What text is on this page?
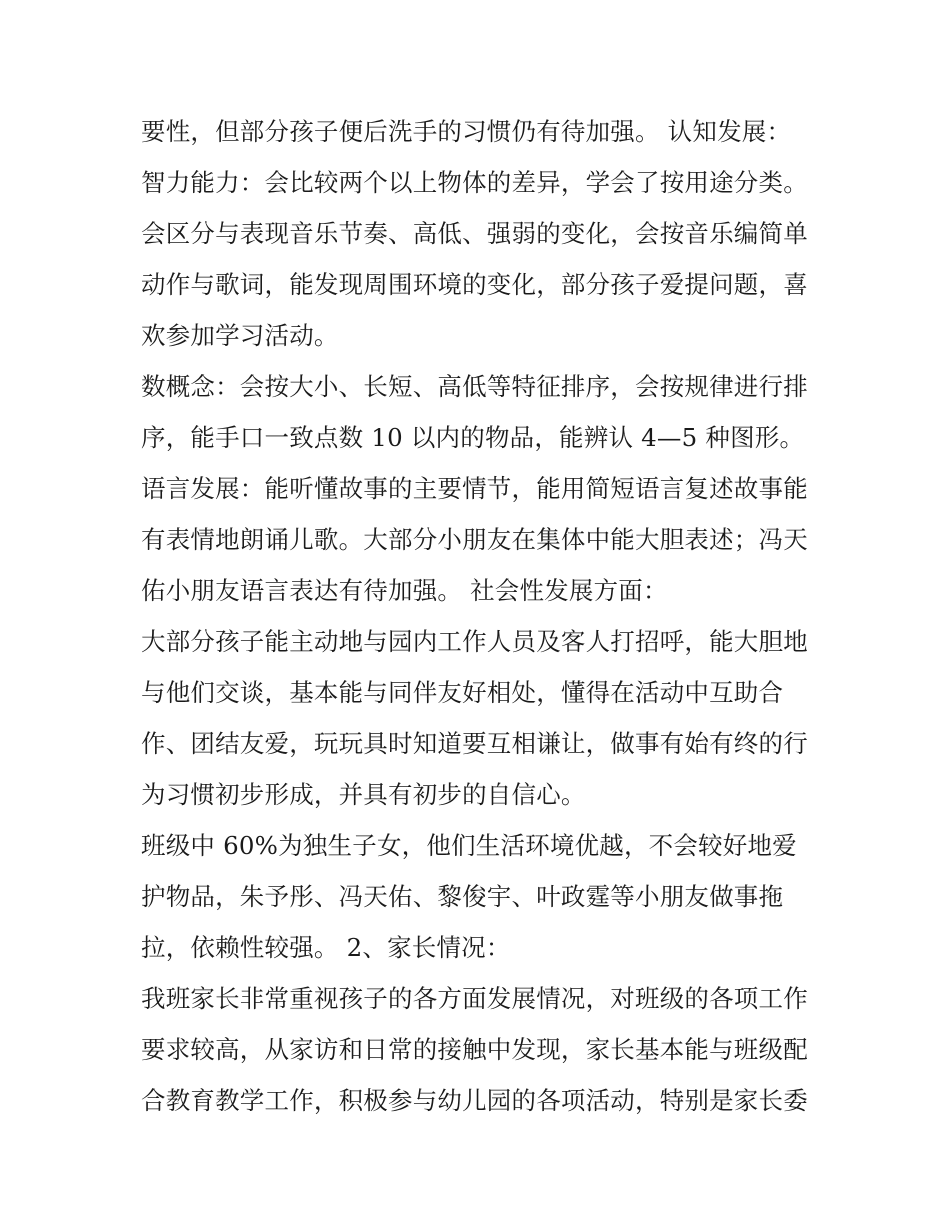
要性，但部分孩子便后洗手的习惯仍有待加强。 认知发展：
智力能力：会比较两个以上物体的差异，学会了按用途分类。
会区分与表现音乐节奏、高低、强弱的变化，会按音乐编简单
动作与歌词，能发现周围环境的变化，部分孩子爱提问题，喜
欢参加学习活动。
数概念：会按大小、长短、高低等特征排序，会按规律进行排
序，能手口一致点数 10 以内的物品，能辨认 4—5 种图形。
语言发展：能听懂故事的主要情节，能用简短语言复述故事能
有表情地朗诵儿歌。大部分小朋友在集体中能大胆表述；冯天
佑小朋友语言表达有待加强。 社会性发展方面：
大部分孩子能主动地与园内工作人员及客人打招呼，能大胆地
与他们交谈，基本能与同伴友好相处，懂得在活动中互助合
作、团结友爱，玩玩具时知道要互相谦让，做事有始有终的行
为习惯初步形成，并具有初步的自信心。
班级中 60%为独生子女，他们生活环境优越，不会较好地爱
护物品，朱予彤、冯天佑、黎俊宇、叶政霆等小朋友做事拖
拉，依赖性较强。 2、家长情况：
我班家长非常重视孩子的各方面发展情况，对班级的各项工作
要求较高，从家访和日常的接触中发现，家长基本能与班级配
合教育教学工作，积极参与幼儿园的各项活动，特别是家长委
